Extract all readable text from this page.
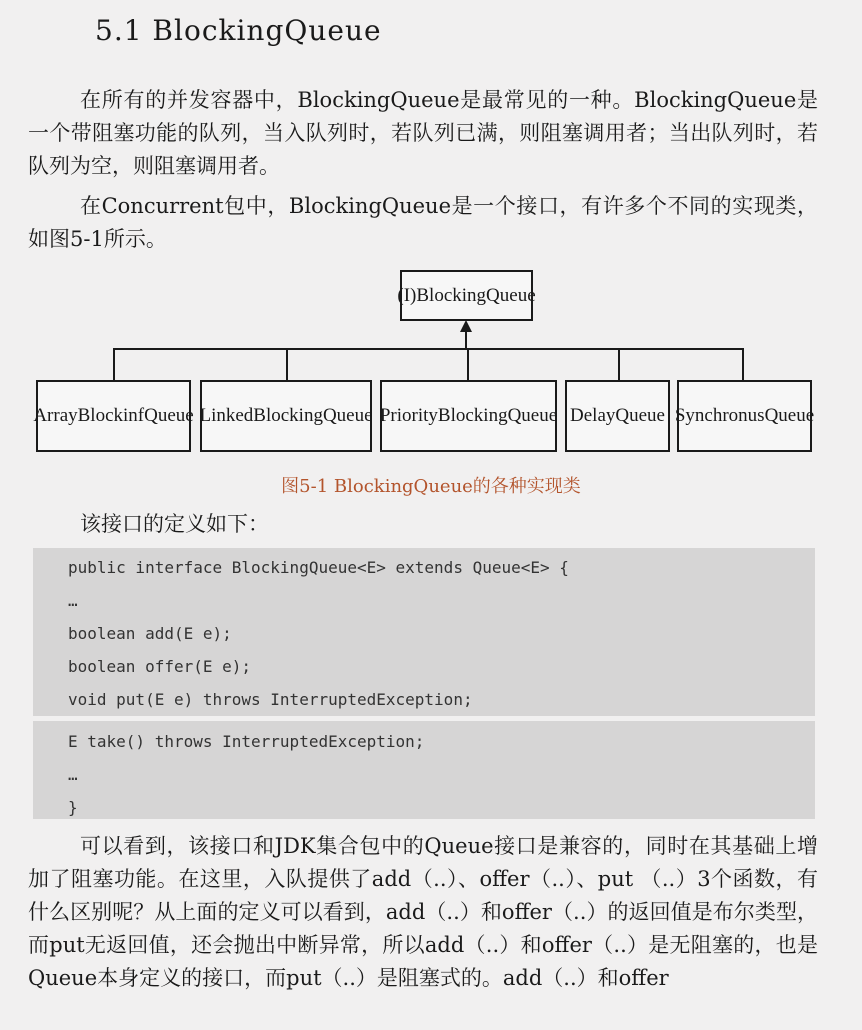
5.1 BlockingQueue

在所有的并发容器中，BlockingQueue是最常见的一种。BlockingQueue是一个带阻塞功能的队列，当入队列时，若队列已满，则阻塞调用者；当出队列时，若队列为空，则阻塞调用者。

在Concurrent包中，BlockingQueue是一个接口，有许多个不同的实现类，如图5-1所示。

(I)BlockingQueue
ArrayBlockinfQueue LinkedBlockingQueue PriorityBlockingQueue DelayQueue SynchronusQueue
图5-1 BlockingQueue的各种实现类

该接口的定义如下：

public interface BlockingQueue<E> extends Queue<E> {
…
boolean add(E e);
boolean offer(E e);
void put(E e) throws InterruptedException;
E take() throws InterruptedException;
…
}

可以看到，该接口和JDK集合包中的Queue接口是兼容的，同时在其基础上增加了阻塞功能。在这里，入队提供了add（..）、offer（..）、put （..）3个函数，有什么区别呢？从上面的定义可以看到，add（..）和offer（..）的返回值是布尔类型，而put无返回值，还会抛出中断异常，所以add（..）和offer（..）是无阻塞的，也是Queue本身定义的接口，而put（..）是阻塞式的。add（..）和offer
